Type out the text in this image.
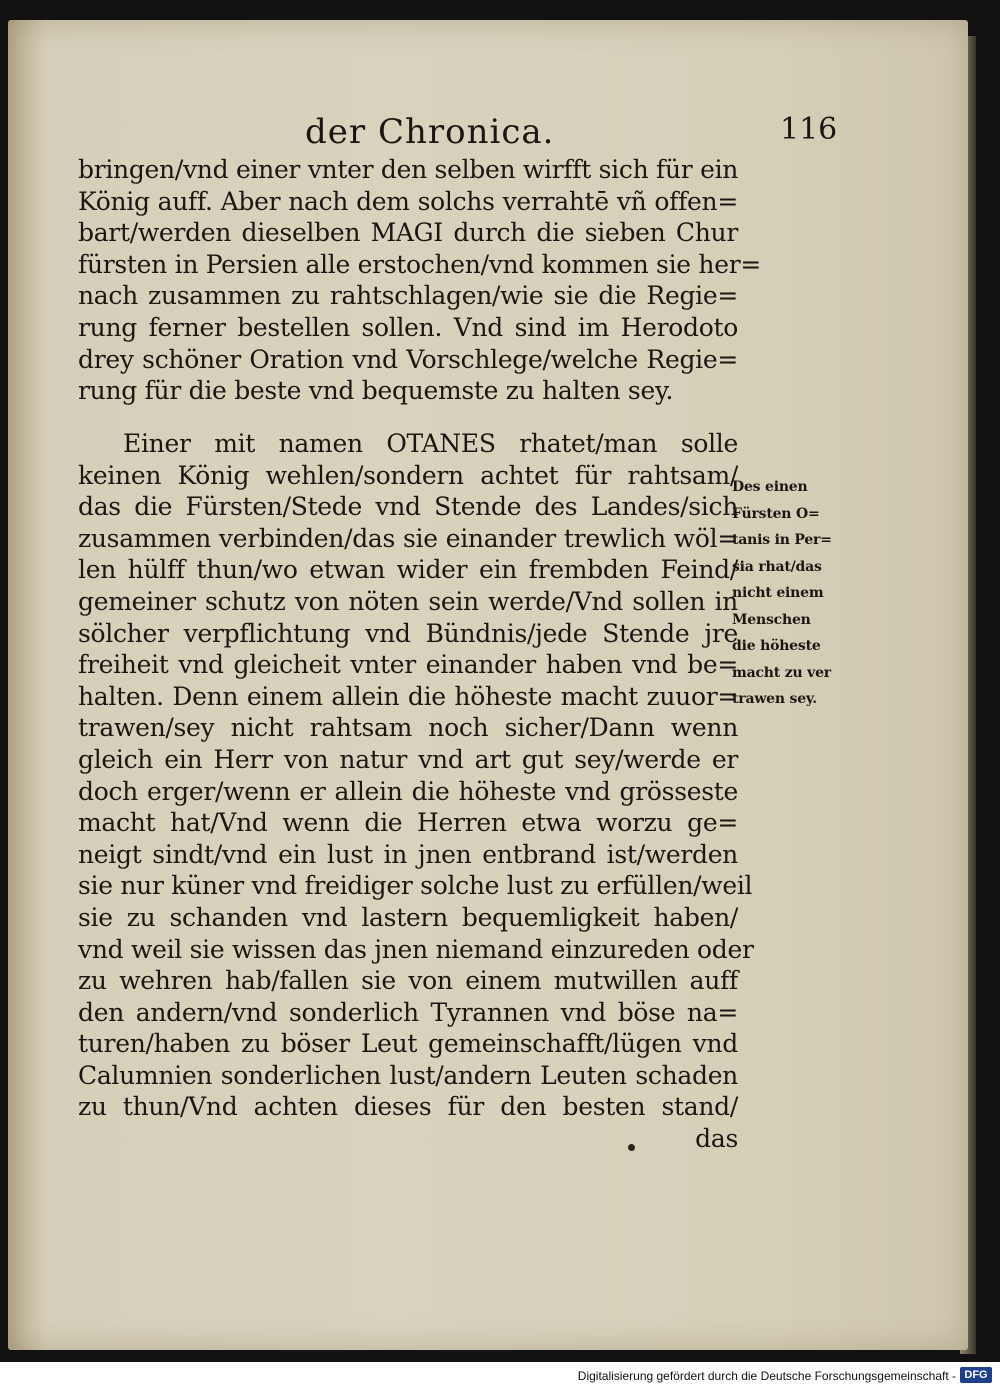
der Chronica.	116
bringen/vnd einer vnter den selben wirfft sich für ein
König auff. Aber nach dem solchs verrahtē vñ offen=
bart/werden dieselben MAGI durch die sieben Chur
fürsten in Persien alle erstochen/vnd kommen sie her=
nach zusammen zu rahtschlagen/wie sie die Regie=
rung ferner bestellen sollen. Vnd sind im Herodoto
drey schöner Oration vnd Vorschlege/welche Regie=
rung für die beste vnd bequemste zu halten sey.
Einer mit namen OTANES rhatet/man solle
keinen König wehlen/sondern achtet für rahtsam/
das die Fürsten/Stede vnd Stende des Landes/sich
zusammen verbinden/das sie einander trewlich wöl=
len hülff thun/wo etwan wider ein frembden Feind/
gemeiner schutz von nöten sein werde/Vnd sollen in
sölcher verpflichtung vnd Bündnis/jede Stende jre
freiheit vnd gleicheit vnter einander haben vnd be=
halten. Denn einem allein die höheste macht zuuor=
trawen/sey nicht rahtsam noch sicher/Dann wenn
gleich ein Herr von natur vnd art gut sey/werde er
doch erger/wenn er allein die höheste vnd grösseste
macht hat/Vnd wenn die Herren etwa worzu ge=
neigt sindt/vnd ein lust in jnen entbrand ist/werden
sie nur küner vnd freidiger solche lust zu erfüllen/weil
sie zu schanden vnd lastern bequemligkeit haben/
vnd weil sie wissen das jnen niemand einzureden oder
zu wehren hab/fallen sie von einem mutwillen auff
den andern/vnd sonderlich Tyrannen vnd böse na=
turen/haben zu böser Leut gemeinschafft/lügen vnd
Calumnien sonderlichen lust/andern Leuten schaden
zu thun/Vnd achten dieses für den besten stand/
das
Des einen
Fürsten O=
tanis in Per=
sia rhat/das
nicht einem
Menschen
die höheste
macht zu ver
trawen sey.
Digitalisierung gefördert durch die Deutsche Forschungsgemeinschaft - DFG
